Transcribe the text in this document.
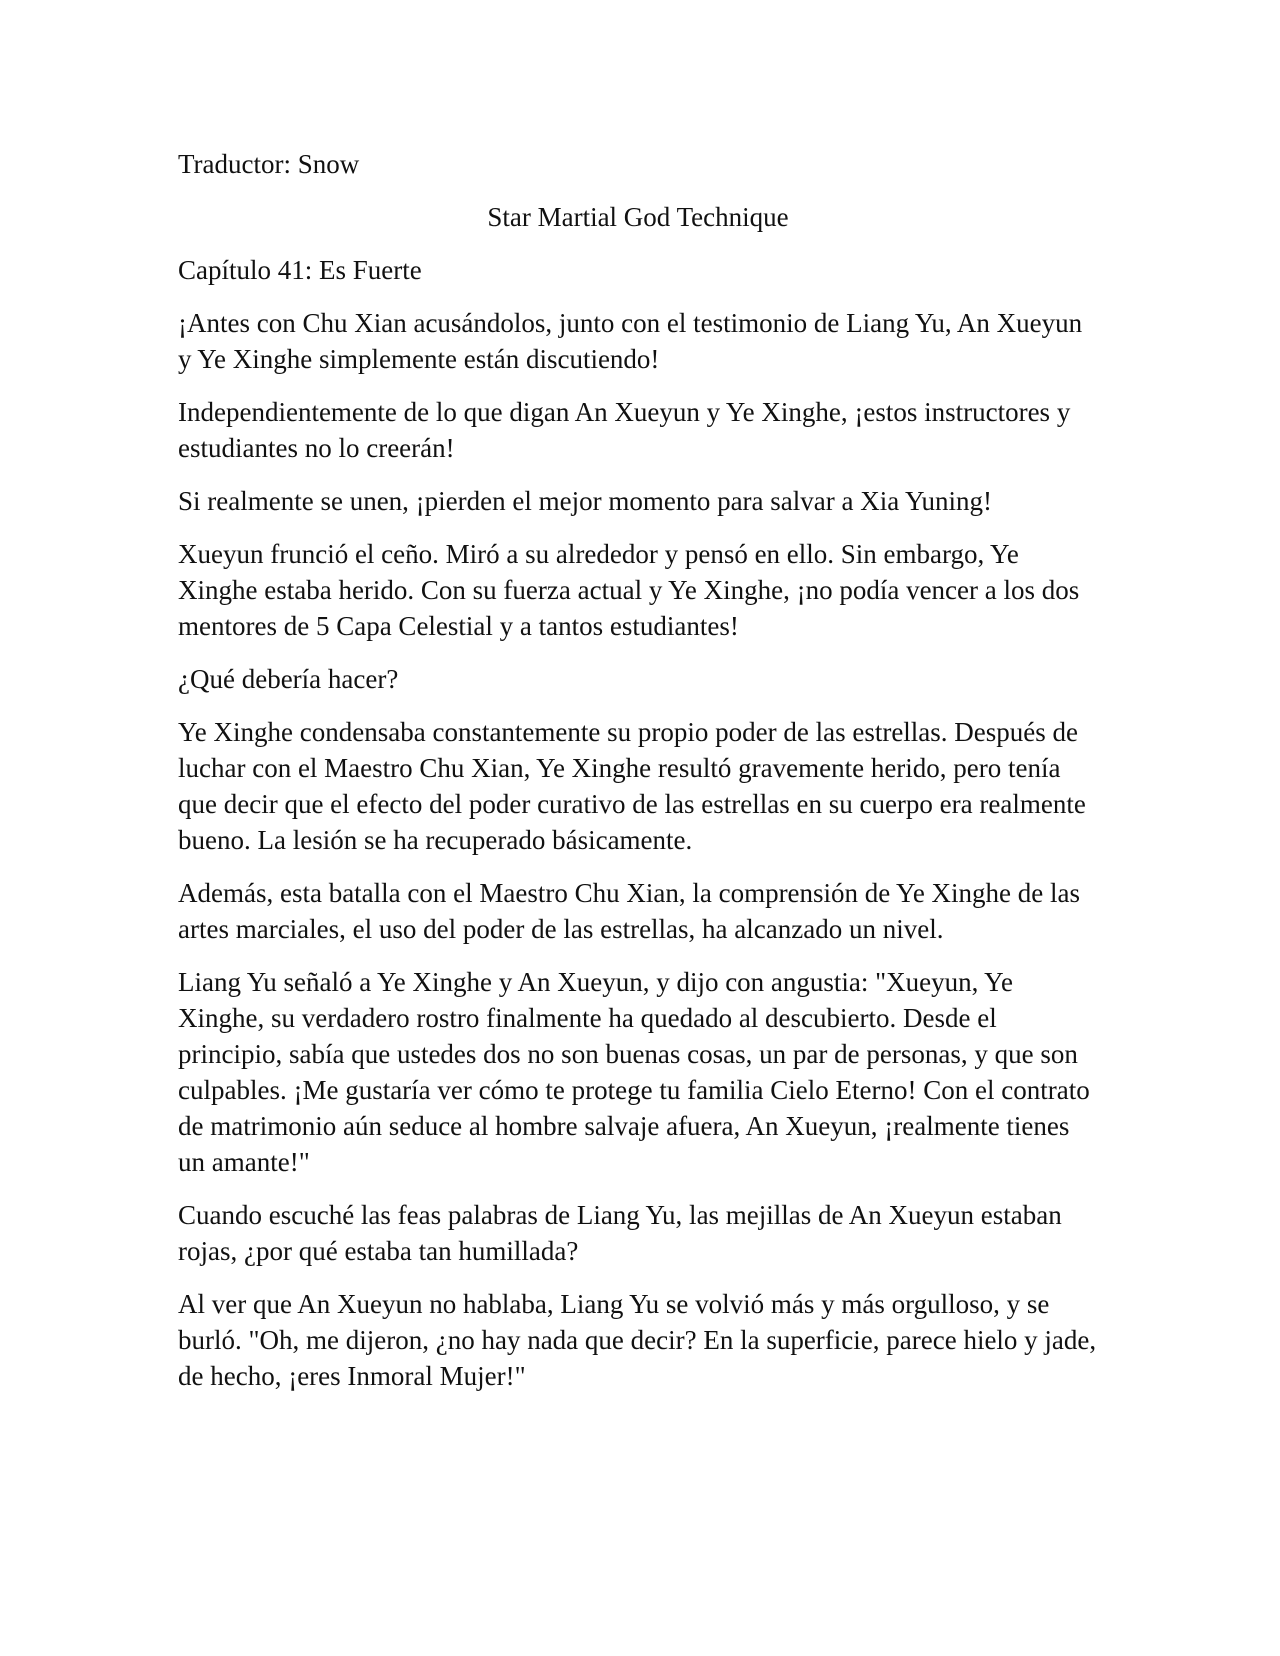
Traductor: Snow

Star Martial God Technique

Capítulo 41: Es Fuerte

¡Antes con Chu Xian acusándolos, junto con el testimonio de Liang Yu, An Xueyun y Ye Xinghe simplemente están discutiendo!

Independientemente de lo que digan An Xueyun y Ye Xinghe, ¡estos instructores y estudiantes no lo creerán!

Si realmente se unen, ¡pierden el mejor momento para salvar a Xia Yuning!

Xueyun frunció el ceño. Miró a su alrededor y pensó en ello. Sin embargo, Ye Xinghe estaba herido. Con su fuerza actual y Ye Xinghe, ¡no podía vencer a los dos mentores de 5 Capa Celestial y a tantos estudiantes!

¿Qué debería hacer?

Ye Xinghe condensaba constantemente su propio poder de las estrellas. Después de luchar con el Maestro Chu Xian, Ye Xinghe resultó gravemente herido, pero tenía que decir que el efecto del poder curativo de las estrellas en su cuerpo era realmente bueno. La lesión se ha recuperado básicamente.

Además, esta batalla con el Maestro Chu Xian, la comprensión de Ye Xinghe de las artes marciales, el uso del poder de las estrellas, ha alcanzado un nivel.

Liang Yu señaló a Ye Xinghe y An Xueyun, y dijo con angustia: "Xueyun, Ye Xinghe, su verdadero rostro finalmente ha quedado al descubierto. Desde el principio, sabía que ustedes dos no son buenas cosas, un par de personas, y que son culpables. ¡Me gustaría ver cómo te protege tu familia Cielo Eterno! Con el contrato de matrimonio aún seduce al hombre salvaje afuera, An Xueyun, ¡realmente tienes un amante!"

Cuando escuché las feas palabras de Liang Yu, las mejillas de An Xueyun estaban rojas, ¿por qué estaba tan humillada?

Al ver que An Xueyun no hablaba, Liang Yu se volvió más y más orgulloso, y se burló. "Oh, me dijeron, ¿no hay nada que decir? En la superficie, parece hielo y jade, de hecho, ¡eres Inmoral Mujer!"
